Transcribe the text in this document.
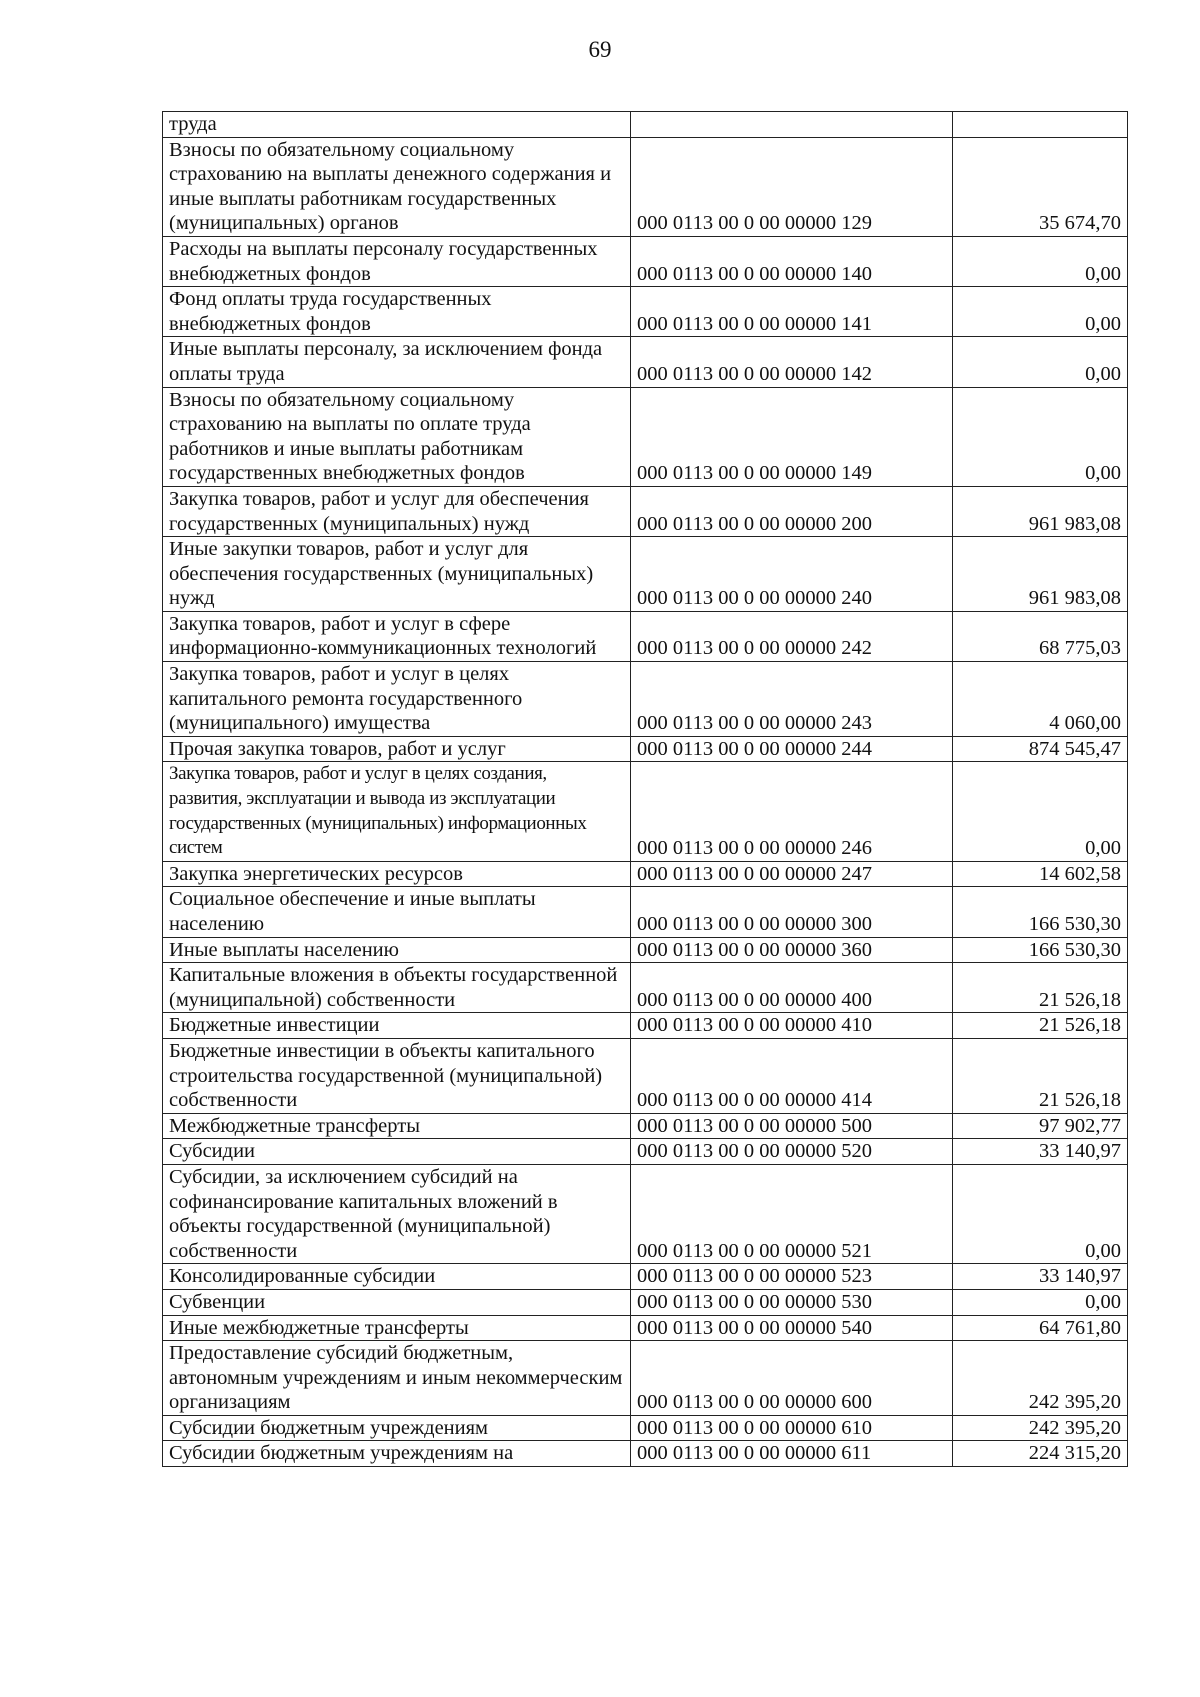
69
труда		
Взносы по обязательному социальному страхованию на выплаты денежного содержания и иные выплаты работникам государственных (муниципальных) органов	000 0113 00 0 00 00000 129	35 674,70
Расходы на выплаты персоналу государственных внебюджетных фондов	000 0113 00 0 00 00000 140	0,00
Фонд оплаты труда государственных внебюджетных фондов	000 0113 00 0 00 00000 141	0,00
Иные выплаты персоналу, за исключением фонда оплаты труда	000 0113 00 0 00 00000 142	0,00
Взносы по обязательному социальному страхованию на выплаты по оплате труда работников и иные выплаты работникам государственных внебюджетных фондов	000 0113 00 0 00 00000 149	0,00
Закупка товаров, работ и услуг для обеспечения государственных (муниципальных) нужд	000 0113 00 0 00 00000 200	961 983,08
Иные закупки товаров, работ и услуг для обеспечения государственных (муниципальных) нужд	000 0113 00 0 00 00000 240	961 983,08
Закупка товаров, работ и услуг в сфере информационно-коммуникационных технологий	000 0113 00 0 00 00000 242	68 775,03
Закупка товаров, работ и услуг в целях капитального ремонта государственного (муниципального) имущества	000 0113 00 0 00 00000 243	4 060,00
Прочая закупка товаров, работ и услуг	000 0113 00 0 00 00000 244	874 545,47
Закупка товаров, работ и услуг в целях создания, развития, эксплуатации и вывода из эксплуатации государственных (муниципальных) информационных систем	000 0113 00 0 00 00000 246	0,00
Закупка энергетических ресурсов	000 0113 00 0 00 00000 247	14 602,58
Социальное обеспечение и иные выплаты населению	000 0113 00 0 00 00000 300	166 530,30
Иные выплаты населению	000 0113 00 0 00 00000 360	166 530,30
Капитальные вложения в объекты государственной (муниципальной) собственности	000 0113 00 0 00 00000 400	21 526,18
Бюджетные инвестиции	000 0113 00 0 00 00000 410	21 526,18
Бюджетные инвестиции в объекты капитального строительства государственной (муниципальной) собственности	000 0113 00 0 00 00000 414	21 526,18
Межбюджетные трансферты	000 0113 00 0 00 00000 500	97 902,77
Субсидии	000 0113 00 0 00 00000 520	33 140,97
Субсидии, за исключением субсидий на софинансирование капитальных вложений в объекты государственной (муниципальной) собственности	000 0113 00 0 00 00000 521	0,00
Консолидированные субсидии	000 0113 00 0 00 00000 523	33 140,97
Субвенции	000 0113 00 0 00 00000 530	0,00
Иные межбюджетные трансферты	000 0113 00 0 00 00000 540	64 761,80
Предоставление субсидий бюджетным, автономным учреждениям и иным некоммерческим организациям	000 0113 00 0 00 00000 600	242 395,20
Субсидии бюджетным учреждениям	000 0113 00 0 00 00000 610	242 395,20
Субсидии бюджетным учреждениям на	000 0113 00 0 00 00000 611	224 315,20
